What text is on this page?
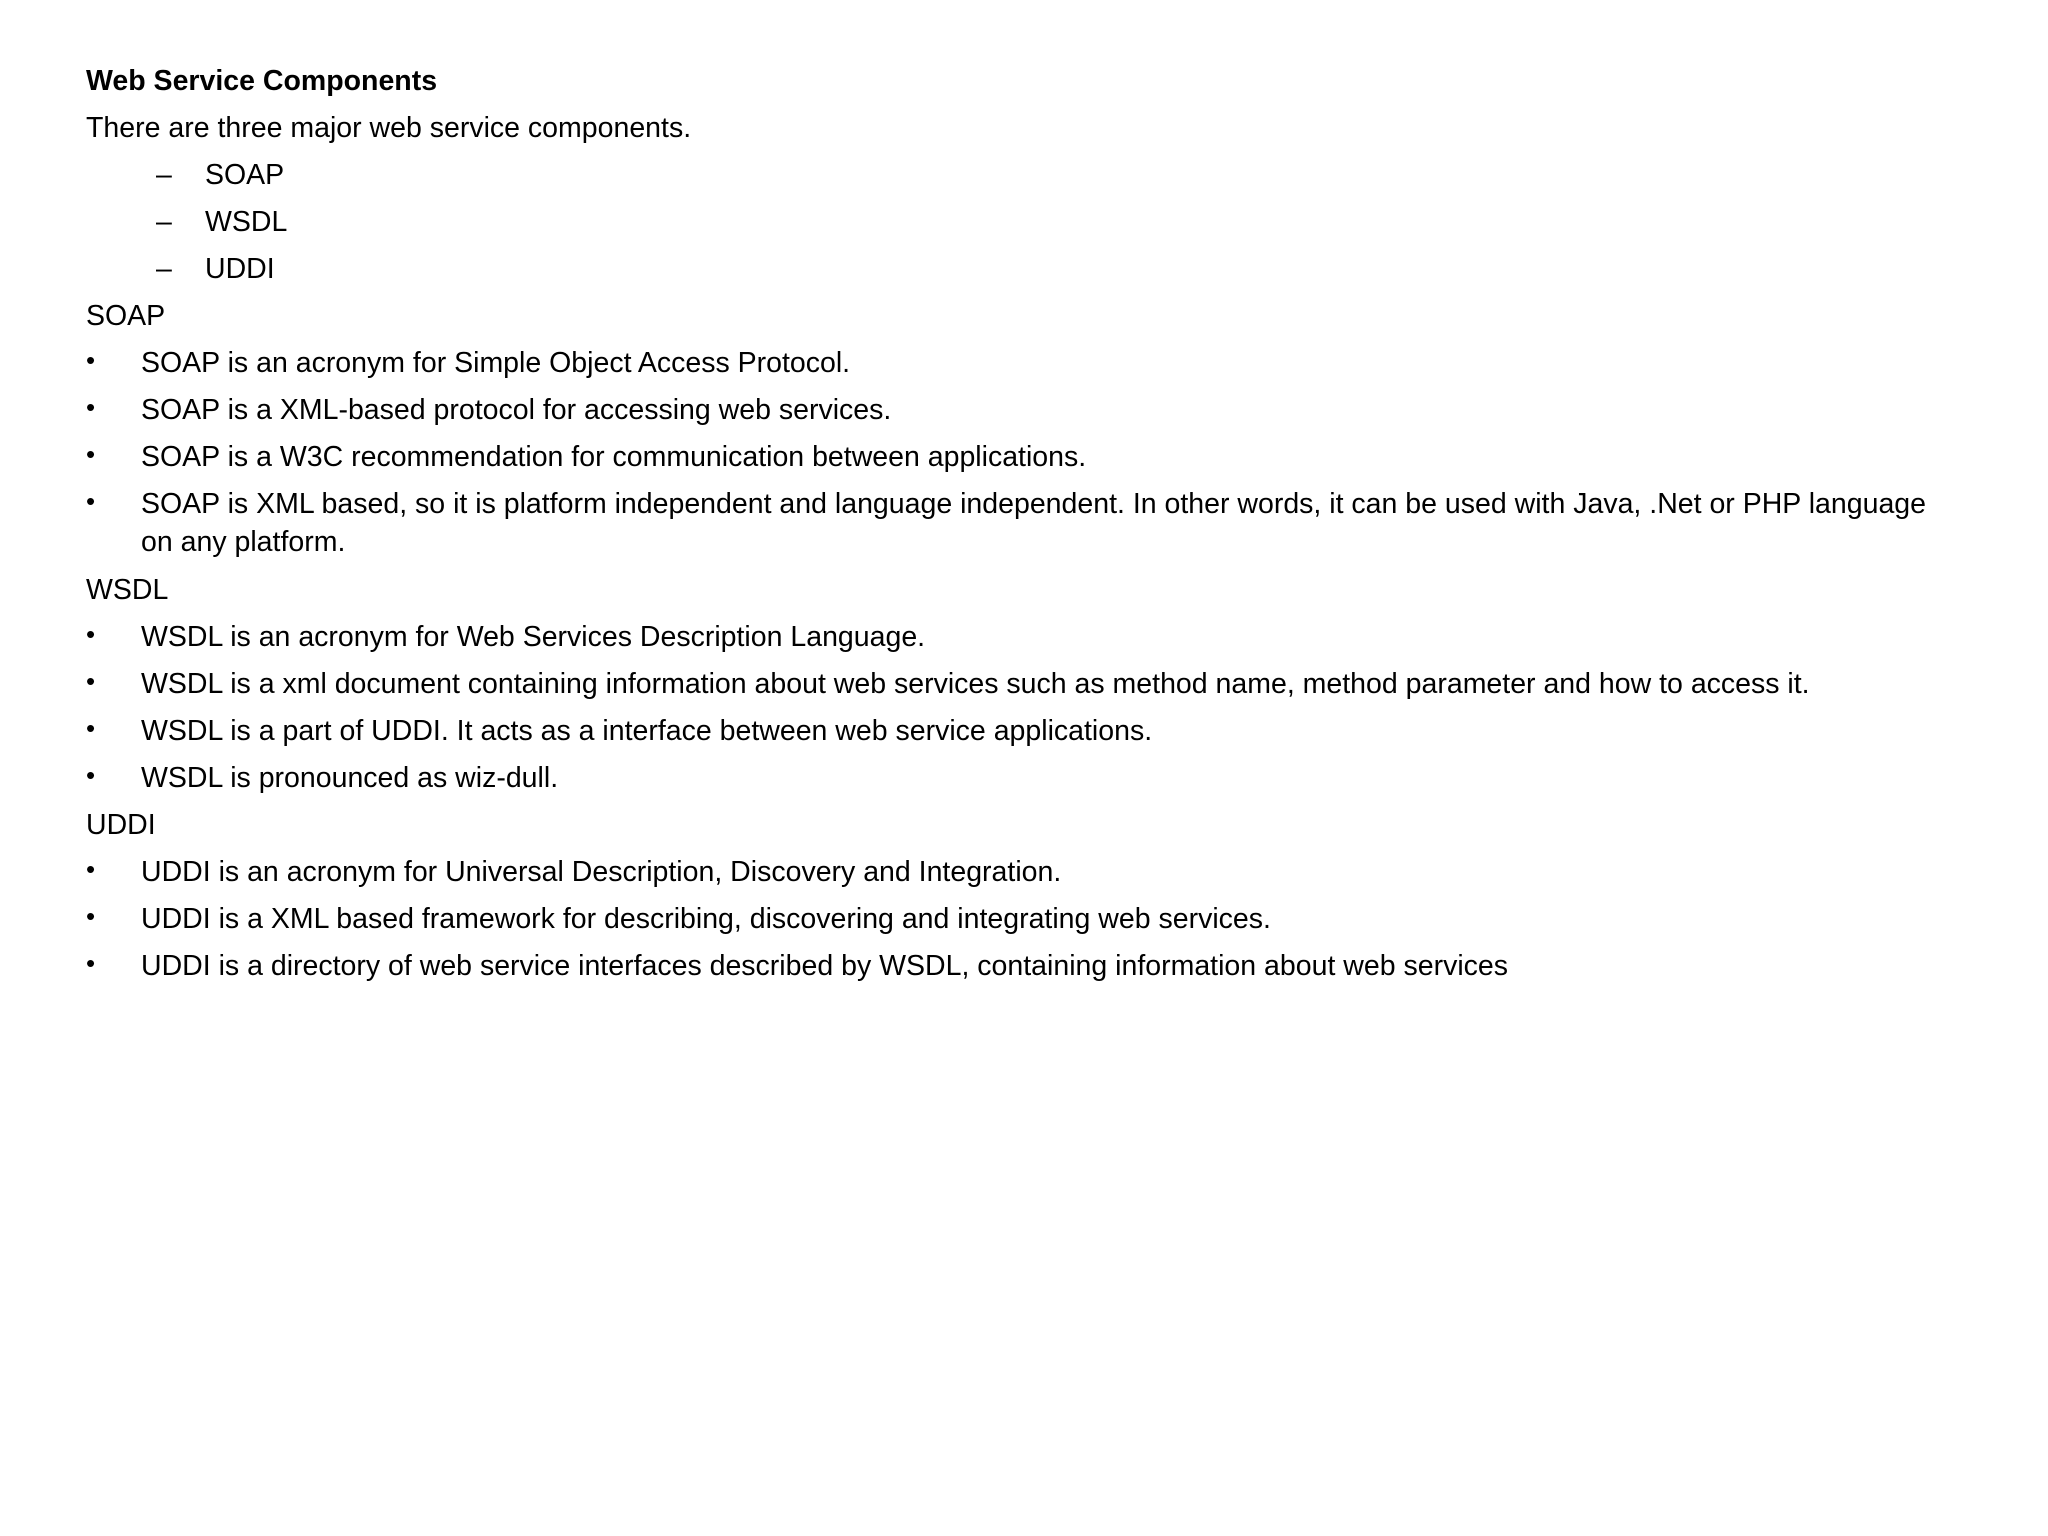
Web Service Components
There are three major web service components.
– SOAP
– WSDL
– UDDI
SOAP
•	SOAP is an acronym for Simple Object Access Protocol.
•	SOAP is a XML-based protocol for accessing web services.
•	SOAP is a W3C recommendation for communication between applications.
•	SOAP is XML based, so it is platform independent and language independent. In other words, it can be used with Java, .Net or PHP language on any platform.
WSDL
•	WSDL is an acronym for Web Services Description Language.
•	WSDL is a xml document containing information about web services such as method name, method parameter and how to access it.
•	WSDL is a part of UDDI. It acts as a interface between web service applications.
•	WSDL is pronounced as wiz-dull.
UDDI
•	UDDI is an acronym for Universal Description, Discovery and Integration.
•	UDDI is a XML based framework for describing, discovering and integrating web services.
•	UDDI is a directory of web service interfaces described by WSDL, containing information about web services
